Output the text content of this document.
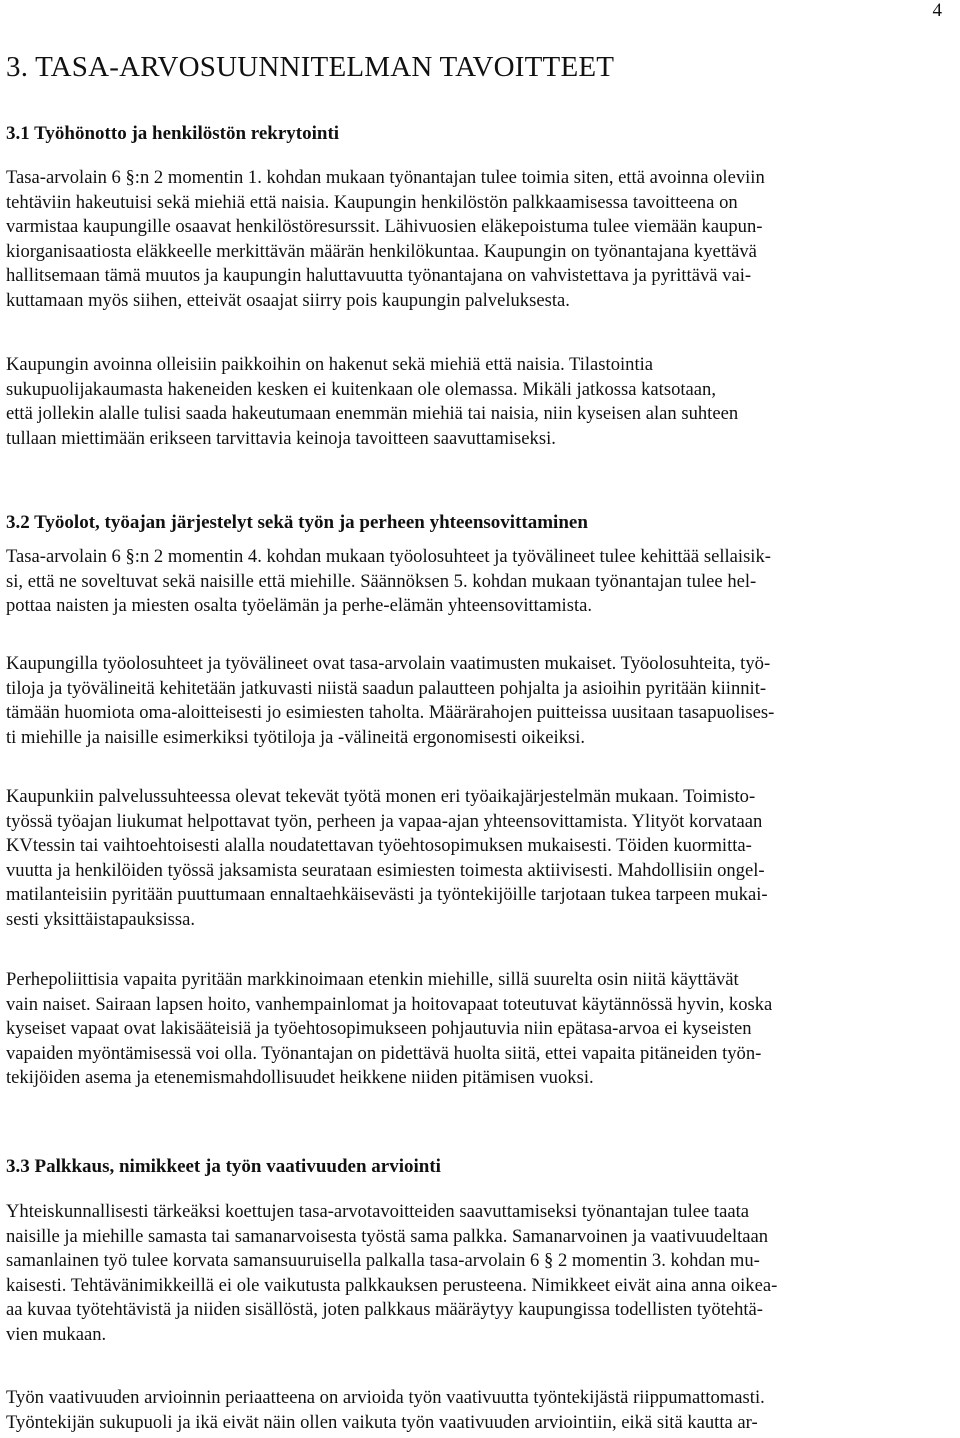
4
3. TASA-ARVOSUUNNITELMAN TAVOITTEET
3.1 Työhönotto ja henkilöstön rekrytointi

Tasa-arvolain 6 §:n 2 momentin 1. kohdan mukaan työnantajan tulee toimia siten, että avoinna oleviin
tehtäviin hakeutuisi sekä miehiä että naisia. Kaupungin henkilöstön palkkaamisessa tavoitteena on
varmistaa kaupungille osaavat henkilöstöresurssit. Lähivuosien eläkepoistuma tulee viemään kaupun-
kiorganisaatiosta eläkkeelle merkittävän määrän henkilökuntaa. Kaupungin on työnantajana kyettävä
hallitsemaan tämä muutos ja kaupungin haluttavuutta työnantajana on vahvistettava ja pyrittävä vai-
kuttamaan myös siihen, etteivät osaajat siirry pois kaupungin palveluksesta.

Kaupungin avoinna olleisiin paikkoihin on hakenut sekä miehiä että naisia. Tilastointia
sukupuolijakaumasta hakeneiden kesken ei kuitenkaan ole olemassa. Mikäli jatkossa katsotaan,
että jollekin alalle tulisi saada hakeutumaan enemmän miehiä tai naisia, niin kyseisen alan suhteen
tullaan miettimään erikseen tarvittavia keinoja tavoitteen saavuttamiseksi.

3.2 Työolot, työajan järjestelyt sekä työn ja perheen yhteensovittaminen

Tasa-arvolain 6 §:n 2 momentin 4. kohdan mukaan työolosuhteet ja työvälineet tulee kehittää sellaisik-
si, että ne soveltuvat sekä naisille että miehille. Säännöksen 5. kohdan mukaan työnantajan tulee hel-
pottaa naisten ja miesten osalta työelämän ja perhe-elämän yhteensovittamista.

Kaupungilla työolosuhteet ja työvälineet ovat tasa-arvolain vaatimusten mukaiset. Työolosuhteita, työ-
tiloja ja työvälineitä kehitetään jatkuvasti niistä saadun palautteen pohjalta ja asioihin pyritään kiinnit-
tämään huomiota oma-aloitteisesti jo esimiesten taholta. Määrärahojen puitteissa uusitaan tasapuolises-
ti miehille ja naisille esimerkiksi työtiloja ja -välineitä ergonomisesti oikeiksi.

Kaupunkiin palvelussuhteessa olevat tekevät työtä monen eri työaikajärjestelmän mukaan. Toimisto-
työssä työajan liukumat helpottavat työn, perheen ja vapaa-ajan yhteensovittamista. Ylityöt korvataan
KVtessin tai vaihtoehtoisesti alalla noudatettavan työehtosopimuksen mukaisesti. Töiden kuormitta-
vuutta ja henkilöiden työssä jaksamista seurataan esimiesten toimesta aktiivisesti. Mahdollisiin ongel-
matilanteisiin pyritään puuttumaan ennaltaehkäisevästi ja työntekijöille tarjotaan tukea tarpeen mukai-
sesti yksittäistapauksissa.

Perhepoliittisia vapaita pyritään markkinoimaan etenkin miehille, sillä suurelta osin niitä käyttävät
vain naiset. Sairaan lapsen hoito, vanhempainlomat ja hoitovapaat toteutuvat käytännössä hyvin, koska
kyseiset vapaat ovat lakisääteisiä ja työehtosopimukseen pohjautuvia niin epätasa-arvoa ei kyseisten
vapaiden myöntämisessä voi olla. Työnantajan on pidettävä huolta siitä, ettei vapaita pitäneiden työn-
tekijöiden asema ja etenemismahdollisuudet heikkene niiden pitämisen vuoksi.

3.3 Palkkaus, nimikkeet ja työn vaativuuden arviointi

Yhteiskunnallisesti tärkeäksi koettujen tasa-arvotavoitteiden saavuttamiseksi työnantajan tulee taata
naisille ja miehille samasta tai samanarvoisesta työstä sama palkka. Samanarvoinen ja vaativuudeltaan
samanlainen työ tulee korvata samansuuruisella palkalla tasa-arvolain 6 § 2 momentin 3. kohdan mu-
kaisesti. Tehtävänimikkeillä ei ole vaikutusta palkkauksen perusteena. Nimikkeet eivät aina anna oikea-
aa kuvaa työtehtävistä ja niiden sisällöstä, joten palkkaus määräytyy kaupungissa todellisten työtehtä-
vien mukaan.

Työn vaativuuden arvioinnin periaatteena on arvioida työn vaativuutta työntekijästä riippumattomasti.
Työntekijän sukupuoli ja ikä eivät näin ollen vaikuta työn vaativuuden arviointiin, eikä sitä kautta ar-
